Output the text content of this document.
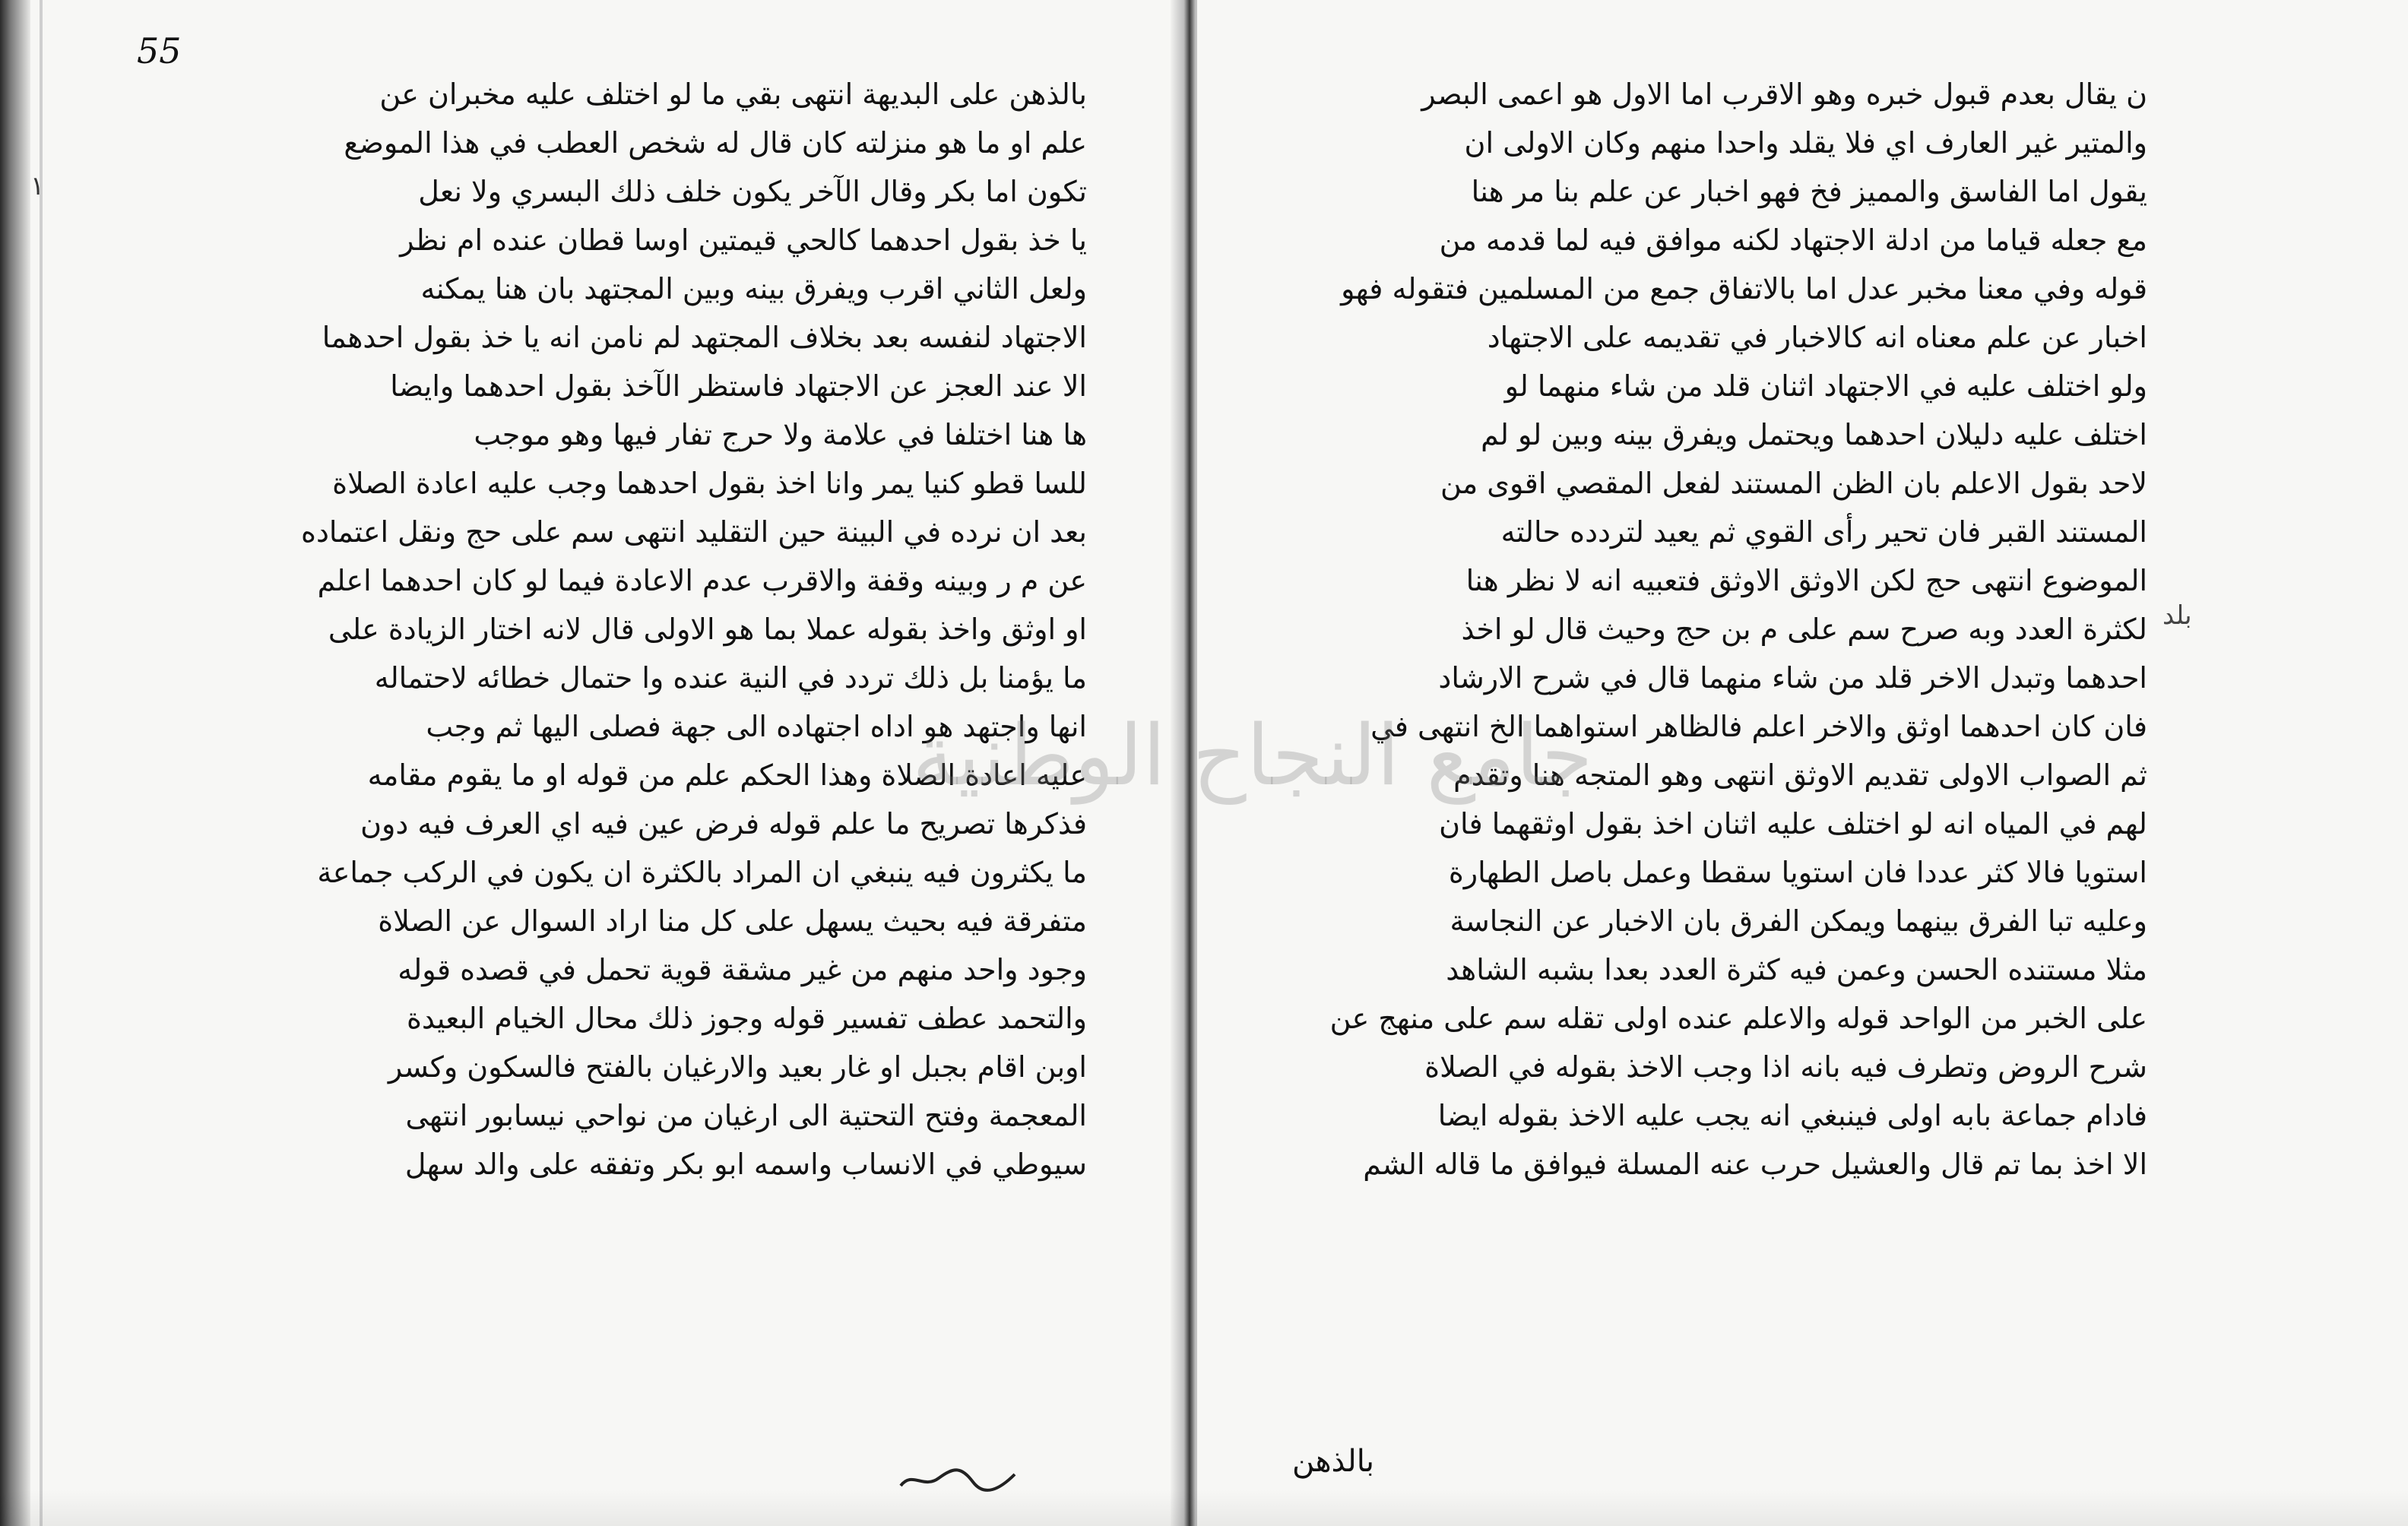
55
١
بالذهن على البديهة انتهى بقي ما لو اختلف عليه مخبران عن
علم او ما هو منزلته كان قال له شخص العطب في هذا الموضع
تكون اما بكر وقال الآخر يكون خلف ذلك البسري ولا نعل
يا خذ بقول احدهما كالحي قيمتين اوسا قطان عنده ام نظر
ولعل الثاني اقرب ويفرق بينه وبين المجتهد بان هنا يمكنه
الاجتهاد لنفسه بعد بخلاف المجتهد لم نامن انه يا خذ بقول احدهما
الا عند العجز عن الاجتهاد فاستظر الآخذ بقول احدهما وايضا
ها هنا اختلفا في علامة ولا حرج تفار فيها وهو موجب
للسا قطو كنيا يمر وانا اخذ بقول احدهما وجب عليه اعادة الصلاة
بعد ان نرده في البينة حين التقليد انتهى سم على حج ونقل اعتماده
عن م ر وبينه وقفة والاقرب عدم الاعادة فيما لو كان احدهما اعلم
او اوثق واخذ بقوله عملا بما هو الاولى قال لانه اختار الزيادة على
ما يؤمنا بل ذلك تردد في النية عنده وا حتمال خطائه لاحتماله
انها واجتهد هو اداه اجتهاده الى جهة فصلى اليها ثم وجب
عليه اعادة الصلاة وهذا الحكم علم من قوله او ما يقوم مقامه
فذكرها تصريح ما علم قوله فرض عين فيه اي العرف فيه دون
ما يكثرون فيه ينبغي ان المراد بالكثرة ان يكون في الركب جماعة
متفرقة فيه بحيث يسهل على كل منا اراد السوال عن الصلاة
وجود واحد منهم من غير مشقة قوية تحمل في قصده قوله
والتحمد عطف تفسير قوله وجوز ذلك محال الخيام البعيدة
اوبن اقام بجبل او غار بعيد والارغيان بالفتح فالسكون وكسر
المعجمة وفتح التحتية الى ارغيان من نواحي نيسابور انتهى
سيوطي في الانساب واسمه ابو بكر وتفقه على والد سهل
ن يقال بعدم قبول خبره وهو الاقرب اما الاول هو اعمى البصر
والمتير غير العارف اي فلا يقلد واحدا منهم وكان الاولى ان
يقول اما الفاسق والمميز فخ فهو اخبار عن علم بنا مر هنا
مع جعله قياما من ادلة الاجتهاد لكنه موافق فيه لما قدمه من
قوله وفي معنا مخبر عدل اما بالاتفاق جمع من المسلمين فتقوله فهو
اخبار عن علم معناه انه كالاخبار في تقديمه على الاجتهاد
ولو اختلف عليه في الاجتهاد اثنان قلد من شاء منهما لو
اختلف عليه دليلان احدهما ويحتمل ويفرق بينه وبين لو لم
لاحد بقول الاعلم بان الظن المستند لفعل المقصي اقوى من
المستند القبر فان تحير رأى القوي ثم يعيد لتردده حالته
الموضوع انتهى حج لكن الاوثق الاوثق فتعبيه انه لا نظر هنا
لكثرة العدد وبه صرح سم على م بن حج وحيث قال لو اخذ
احدهما وتبدل الاخر قلد من شاء منهما قال في شرح الارشاد
فان كان احدهما اوثق والاخر اعلم فالظاهر استواهما الخ انتهى في
ثم الصواب الاولى تقديم الاوثق انتهى وهو المتجه هنا وتقدم
لهم في المياه انه لو اختلف عليه اثنان اخذ بقول اوثقهما فان
استويا فالا كثر عددا فان استويا سقطا وعمل باصل الطهارة
وعليه تبا الفرق بينهما ويمكن الفرق بان الاخبار عن النجاسة
مثلا مستنده الحسن وعمن فيه كثرة العدد بعدا بشبه الشاهد
على الخبر من الواحد قوله والاعلم عنده اولى تقله سم على منهج عن
شرح الروض وتطرف فيه بانه اذا وجب الاخذ بقوله في الصلاة
فادام جماعة بابه اولى فينبغي انه يجب عليه الاخذ بقوله ايضا
الا اخذ بما تم قال والعشيل حرب عنه المسلة فيوافق ما قاله الشم
بلد
بالذهن
جامع النجاح الوطنية
